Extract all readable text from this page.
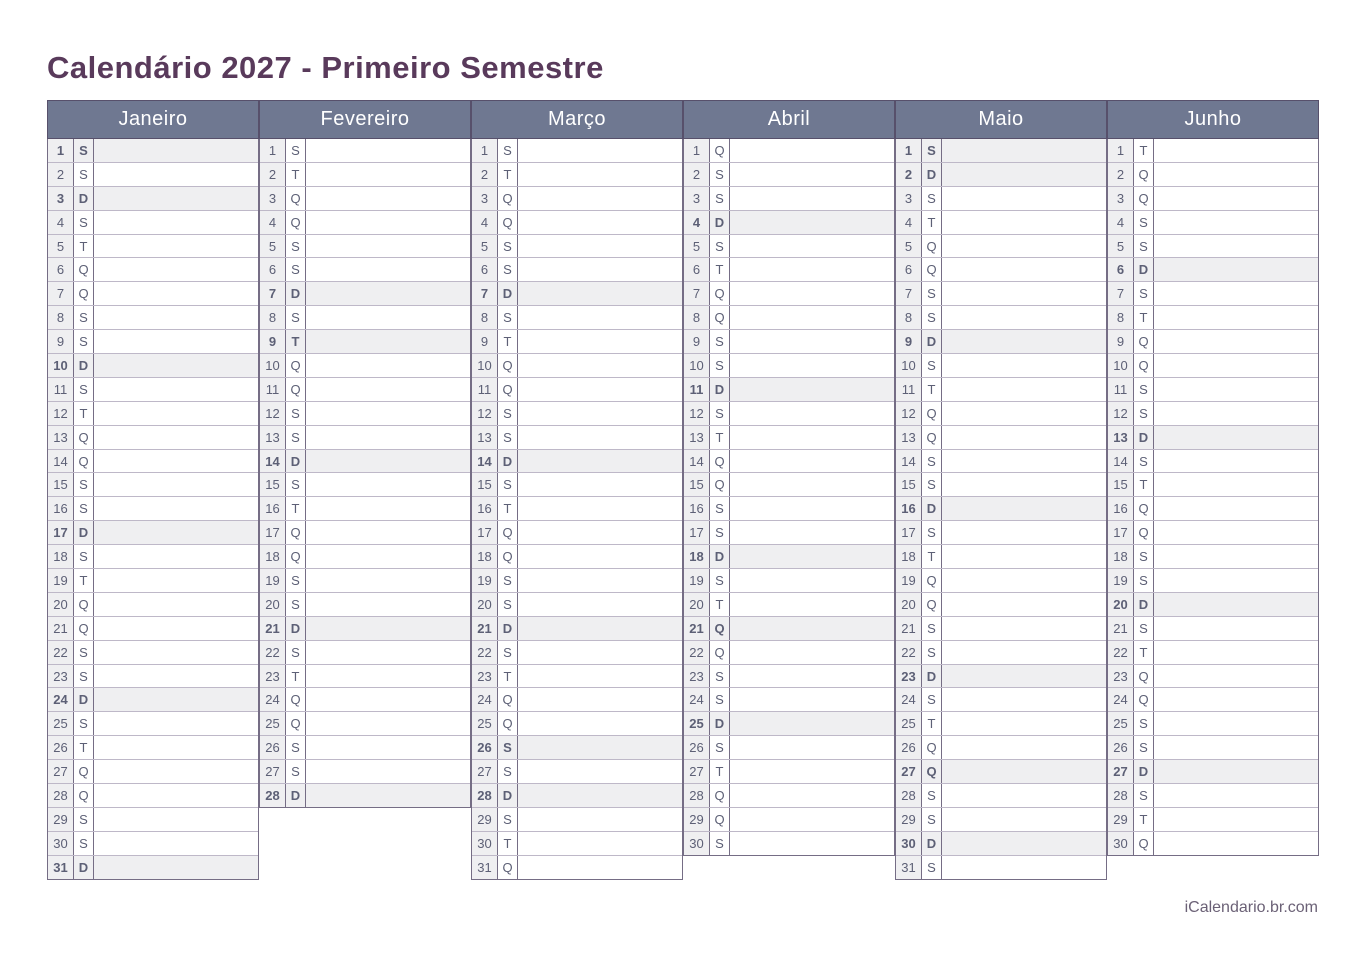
Calendário 2027 - Primeiro Semestre
Janeiro
1	S
2	S
3	D
4	S
5	T
6	Q
7	Q
8	S
9	S
10 D
11 S
12 T
13 Q
14 Q
15 S
16 S
17 D
18 S
19 T
20 Q
21 Q
22 S
23 S
24 D
25 S
26 T
27 Q
28 Q
29 S
30 S
31 D
Fevereiro
1	S
2	T
3	Q
4	Q
5	S
6	S
7	D
8	S
9	T
10 Q
11 Q
12 S
13 S
14 D
15 S
16 T
17 Q
18 Q
19 S
20 S
21 D
22 S
23 T
24 Q
25 Q
26 S
27 S
28 D
Março
1	S
2	T
3	Q
4	Q
5	S
6	S
7	D
8	S
9	T
10 Q
11 Q
12 S
13 S
14 D
15 S
16 T
17 Q
18 Q
19 S
20 S
21 D
22 S
23 T
24 Q
25 Q
26 S
27 S
28 D
29 S
30 T
31 Q
Abril
1	Q
2	S
3	S
4	D
5	S
6	T
7	Q
8	Q
9	S
10 S
11 D
12 S
13 T
14 Q
15 Q
16 S
17 S
18 D
19 S
20 T
21 Q
22 Q
23 S
24 S
25 D
26 S
27 T
28 Q
29 Q
30 S
Maio
1	S
2	D
3	S
4	T
5	Q
6	Q
7	S
8	S
9	D
10 S
11 T
12 Q
13 Q
14 S
15 S
16 D
17 S
18 T
19 Q
20 Q
21 S
22 S
23 D
24 S
25 T
26 Q
27 Q
28 S
29 S
30 D
31 S
Junho
1	T
2	Q
3	Q
4	S
5	S
6	D
7	S
8	T
9	Q
10 Q
11 S
12 S
13 D
14 S
15 T
16 Q
17 Q
18 S
19 S
20 D
21 S
22 T
23 Q
24 Q
25 S
26 S
27 D
28 S
29 T
30 Q
iCalendario.br.com
